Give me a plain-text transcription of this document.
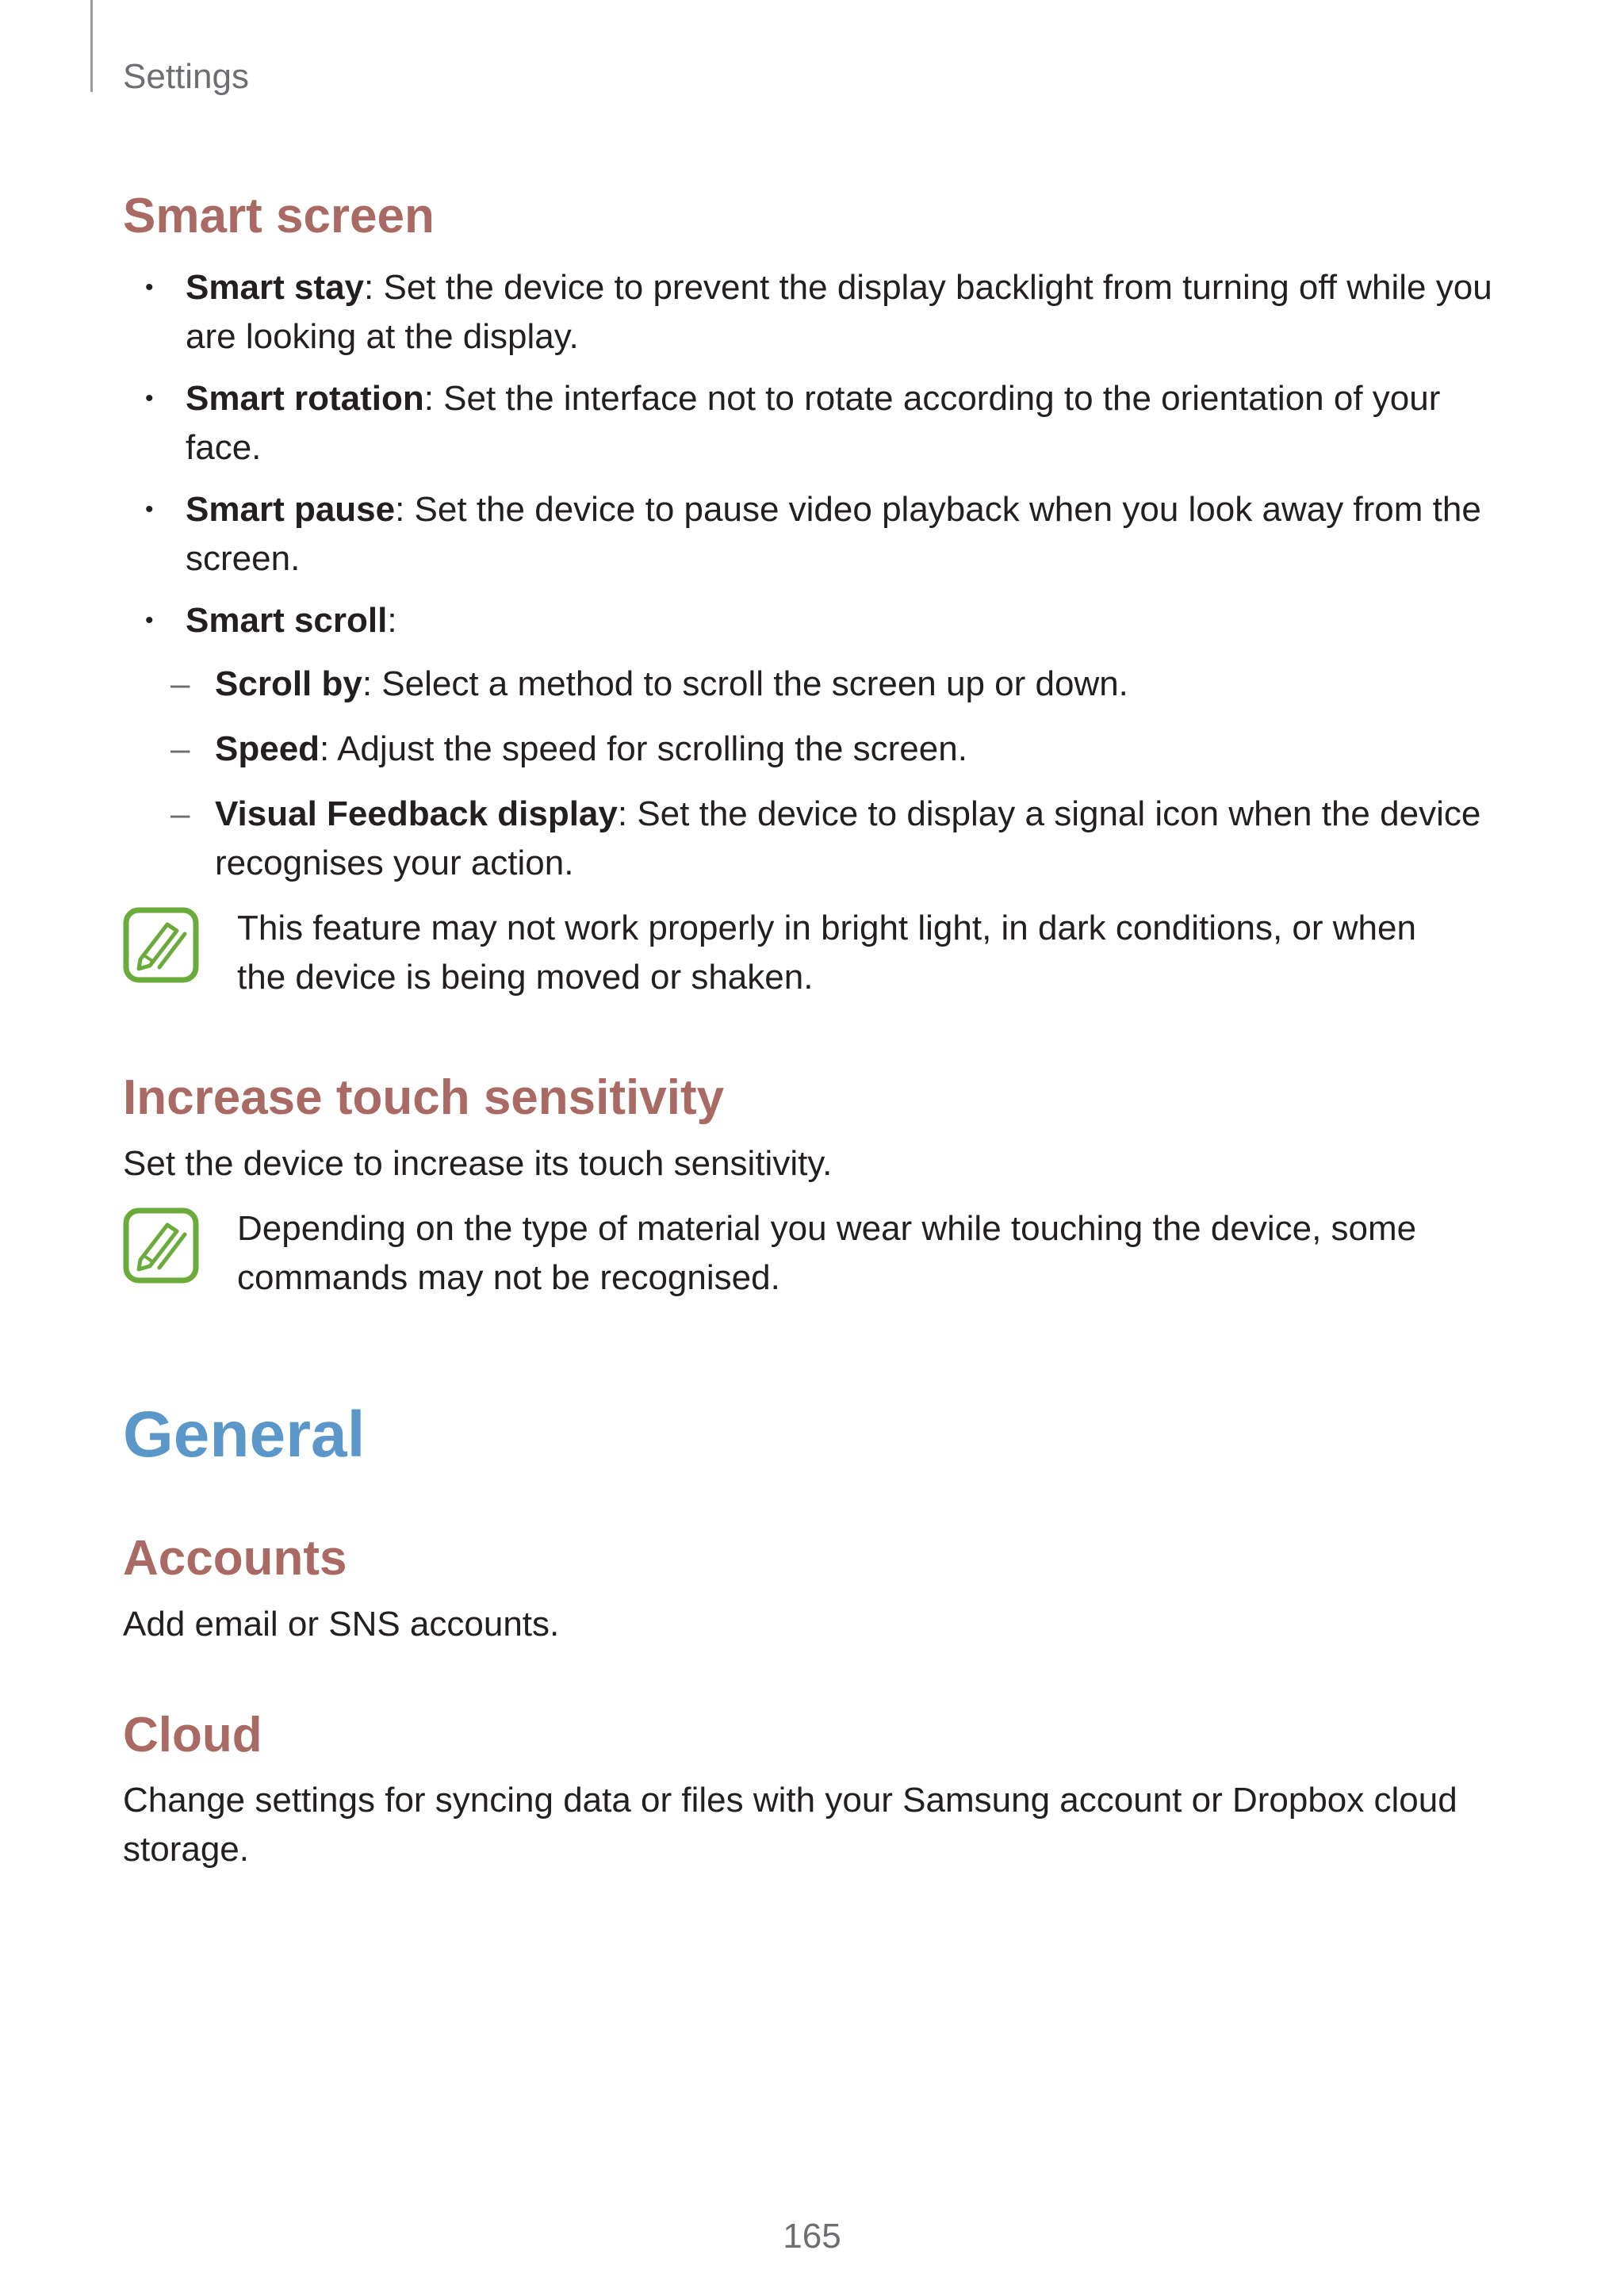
Settings
Smart screen
• Smart stay: Set the device to prevent the display backlight from turning off while you are looking at the display.
• Smart rotation: Set the interface not to rotate according to the orientation of your face.
• Smart pause: Set the device to pause video playback when you look away from the screen.
• Smart scroll:
– Scroll by: Select a method to scroll the screen up or down.
– Speed: Adjust the speed for scrolling the screen.
– Visual Feedback display: Set the device to display a signal icon when the device recognises your action.
This feature may not work properly in bright light, in dark conditions, or when the device is being moved or shaken.
Increase touch sensitivity

Set the device to increase its touch sensitivity.

Depending on the type of material you wear while touching the device, some commands may not be recognised.
General
Accounts

Add email or SNS accounts.

Cloud

Change settings for syncing data or files with your Samsung account or Dropbox cloud storage.

165
